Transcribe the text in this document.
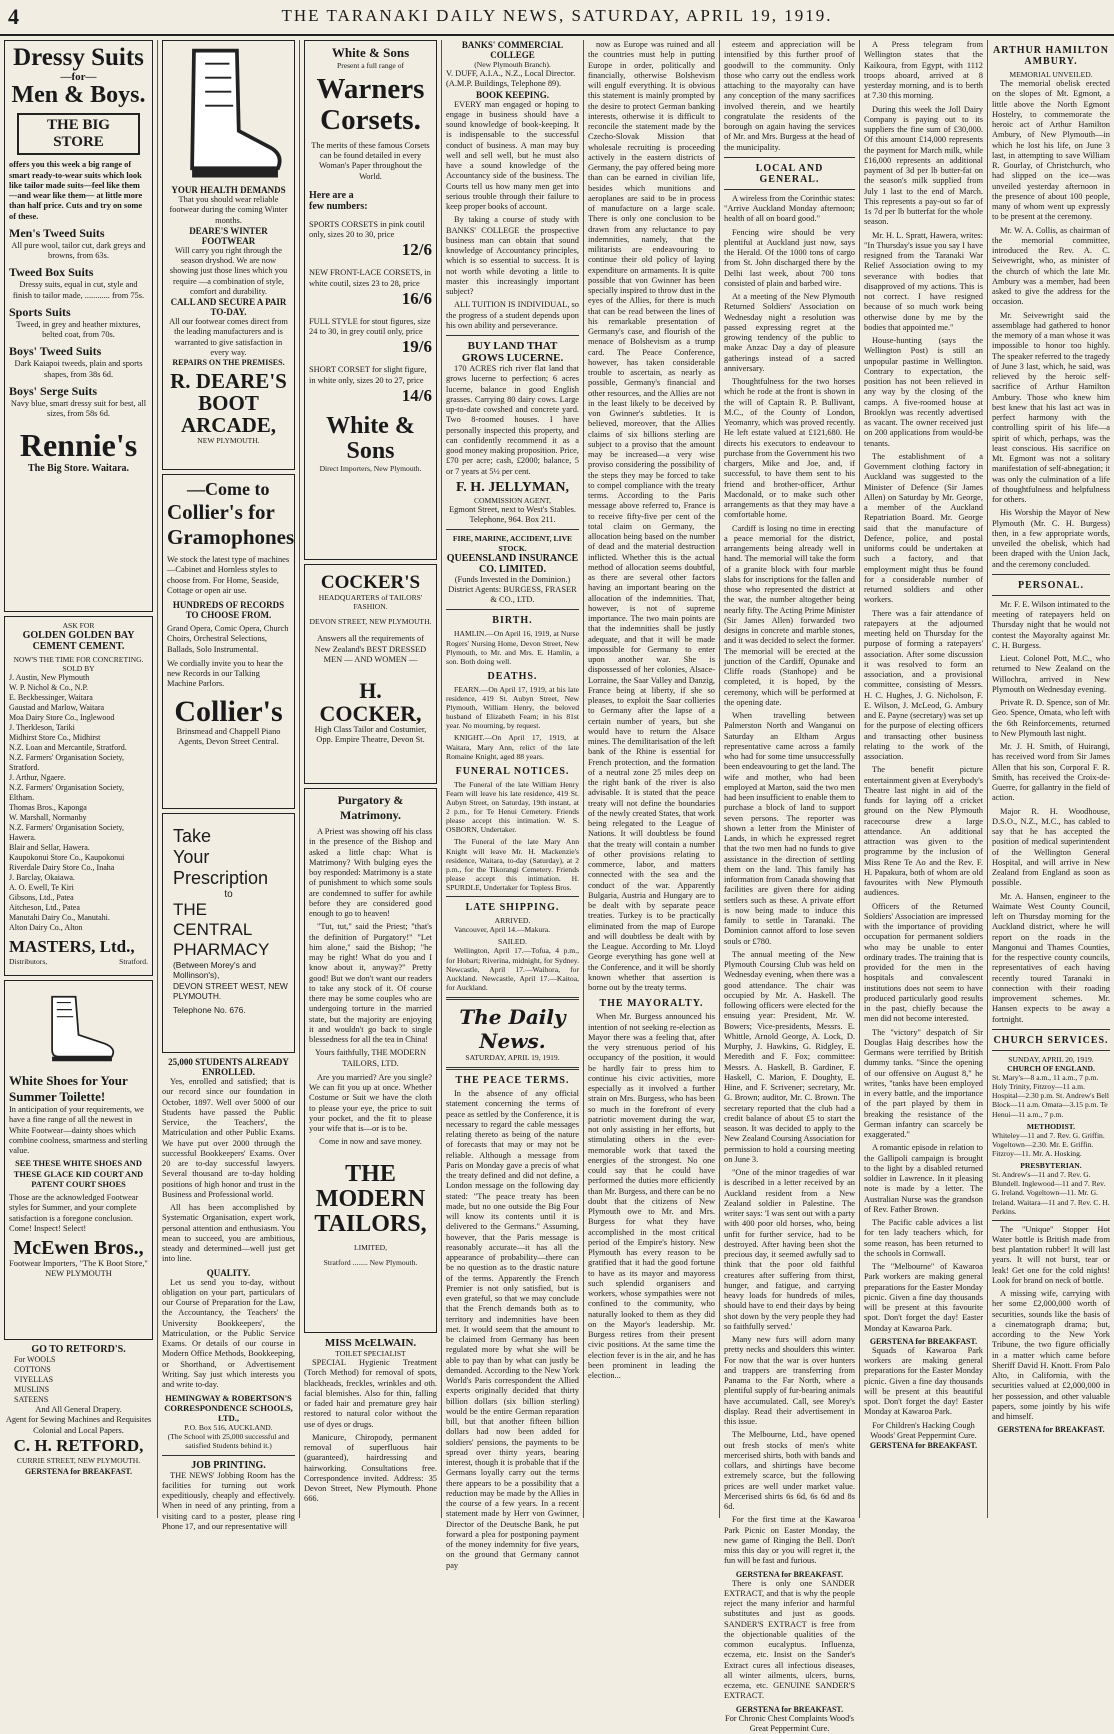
4	THE TARANAKI DAILY NEWS, SATURDAY, APRIL 19, 1919.
Dressy Suits
—for—
Men & Boys.
THE BIG STORE
offers you this week a big range of smart ready-to-wear suits which look like tailor made suits—feel like them—and wear like them— at little more than half price. Cuts and try on some of these.
Men's Tweed Suits
All pure wool, tailor cut, dark greys and browns, from 63s.
Tweed Box Suits
Dressy suits, equal in cut, style and finish to tailor made, ............ from 75s.
Sports Suits
Tweed, in grey and heather mixtures, belted coat, from 70s.
Boys' Tweed Suits
Dark Kaiapoi tweeds, plain and sports shapes, from 38s 6d.
Boys' Serge Suits
Navy blue, smart dressy suit for best, all sizes, from 58s 6d.
Rennie's
The Big Store. Waitara.
ASK FOR
GOLDEN GOLDEN BAY CEMENT CEMENT.
NOW'S THE TIME FOR CONCRETING.
SOLD BY
J. Austin, New Plymouth
W. P. Nichol & Co., N.P.
E. Beckbessinger, Waitara
Gaustad and Marlow, Waitara
Moa Dairy Store Co., Inglewood
J. Therkleson, Tariki
Midhirst Store Co., Midhirst
N.Z. Loan and Mercantile, Stratford.
N.Z. Farmers' Organisation Society, Stratford.
J. Arthur, Ngaere.
N.Z. Farmers' Organisation Society, Eltham.
Thomas Bros., Kaponga
W. Marshall, Normanby
N.Z. Farmers' Organisation Society, Hawera.
Blair and Sellar, Hawera.
Kaupokonui Store Co., Kaupokonui
Riverdale Dairy Store Co., Inaha
J. Barclay, Okaiawa.
A. O. Ewell, Te Kiri
Gibsons, Ltd., Patea
Aitcheson, Ltd., Patea
Manutahi Dairy Co., Manutahi.
Alton Dairy Co., Alton
MASTERS, Ltd.,
Distributors,	Stratford.
White Shoes for Your Summer Toilette!
In anticipation of your requirements, we have a fine range of all the newest in White Footwear—dainty shoes which combine coolness, smartness and sterling value.
SEE THESE WHITE SHOES AND THESE GLACE KID COURT AND PATENT COURT SHOES
Those are the acknowledged Footwear styles for Summer, and your complete satisfaction is a foregone conclusion. Come! Inspect! Select!
McEwen Bros.,
Footwear Importers, "The K Boot Store," NEW PLYMOUTH
GO TO RETFORD'S.
For WOOLS
COTTONS
VIYELLAS
MUSLINS
SATEENS
And All General Drapery.
Agent for Sewing Machines and Requisites
Colonial and Local Papers.
C. H. RETFORD,
CURRIE STREET, NEW PLYMOUTH.
GERSTENA for BREAKFAST.
YOUR HEALTH DEMANDS
That you should wear reliable footwear during the coming Winter months.
DEARE'S WINTER FOOTWEAR
Will carry you right through the season dryshod. We are now showing just those lines which you require —a combination of style, comfort and durability.
CALL AND SECURE A PAIR TO-DAY.
All our footwear comes direct from the leading manufacturers and is warranted to give satisfaction in every way.
REPAIRS ON THE PREMISES.
R. DEARE'S BOOT ARCADE,
NEW PLYMOUTH.
—Come to
Collier's for
Gramophones
We stock the latest type of machines—Cabinet and Hornless styles to choose from. For Home, Seaside, Cottage or open air use.
HUNDREDS OF RECORDS TO CHOOSE FROM.
Grand Opera, Comic Opera, Church Choirs, Orchestral Selections, Ballads, Solo Instrumental.
We cordially invite you to hear the new Records in our Talking Machine Parlors.
Collier's
Brinsmead and Chappell Piano Agents, Devon Street Central.
Take
Your
Prescription
to
THE CENTRAL PHARMACY
(Between Morey's and Mollinson's),
DEVON STREET WEST, NEW PLYMOUTH.
Telephone No. 676.
25,000 STUDENTS ALREADY ENROLLED.
Yes, enrolled and satisfied; that is our record since our foundation in October, 1897. Well over 5000 of our Students have passed the Public Service, the Teachers', the Matriculation and other Public Exams. We have put over 2000 through the successful Bookkeepers' Exams. Over 20 are to-day successful lawyers. Several thousand are to-day holding positions of high honor and trust in the Business and Professional world.
All has been accomplished by Systematic Organisation, expert work, personal attention and enthusiasm. You mean to succeed, you are ambitious, steady and determined—well just get into line.
QUALITY.
Let us send you to-day, without obligation on your part, particulars of our Course of Preparation for the Law, the Accountancy, the Teachers' the University Bookkeepers', the Matriculation, or the Public Service Exams. Or details of our course in Modern Office Methods, Bookkeeping, or Shorthand, or Advertisement Writing. Say just which interests you and write to-day.
HEMINGWAY & ROBERTSON'S CORRESPONDENCE SCHOOLS, LTD.,
P.O. Box 516, AUCKLAND.
(The School with 25,000 successful and satisfied Students behind it.)
JOB PRINTING.
THE NEWS' Jobbing Room has the facilities for turning out work expeditiously, cheaply and effectively. When in need of any printing, from a visiting card to a poster, please ring Phone 17, and our representative will
White & Sons
Present a full range of
Warners
Corsets.
The merits of these famous Corsets can be found detailed in every Woman's Paper throughout the World.
Here are a few numbers:
SPORTS CORSETS in pink coutil only, sizes 20 to 30, price
12/6
NEW FRONT-LACE CORSETS, in white coutil, sizes 23 to 28, price
16/6
FULL STYLE for stout figures, size 24 to 30, in grey coutil only, price
19/6
SHORT CORSET for slight figure, in white only, sizes 20 to 27, price
14/6
White & Sons
Direct Importers, New Plymouth.
COCKER'S
HEADQUARTERS of TAILORS' FASHION.
DEVON STREET, NEW PLYMOUTH.
Answers all the requirements of New Zealand's BEST DRESSED MEN — AND WOMEN —
H. COCKER,
High Class Tailor and Costumier, Opp. Empire Theatre, Devon St.
Purgatory & Matrimony.
A Priest was showing off his class in the presence of the Bishop and asked a little chap: What is Matrimony? With bulging eyes the boy responded: Matrimony is a state of punishment to which some souls are condemned to suffer for awhile before they are considered good enough to go to heaven!
"Tut, tut," said the Priest; "that's the definition of Purgatory!" "Let him alone," said the Bishop; "he may be right! What do you and I know about it, anyway?" Pretty good! But we don't want our readers to take any stock of it. Of course there may be some couples who are undergoing torture in the married state, but the majority are enjoying it and wouldn't go back to single blessedness for all the tea in China!
Yours faithfully, THE MODERN TAILORS, LTD.
Are you married? Are you single? We can fit you up at once. Whether Costume or Suit we have the cloth to please your eye, the price to suit your pocket, and the fit to please your wife that is—or is to be.
Come in now and save money.
THE MODERN TAILORS,
LIMITED,
Stratford ........ New Plymouth.
MISS McELWAIN.
TOILET SPECIALIST
SPECIAL Hygienic Treatment (Torch Method) for removal of spots, blackheads, freckles, wrinkles and oth. facial blemishes. Also for thin, falling or faded hair and premature grey hair restored to natural color without the use of dyes or drugs.
Manicure, Chiropody, permanent removal of superfluous hair (guaranteed), hairdressing and hairworking. Consultations free. Correspondence invited. Address: 35 Devon Street, New Plymouth. Phone 666.
BANKS' COMMERCIAL COLLEGE
(New Plymouth Branch).
V. DUFF, A.I.A., N.Z., Local Director. (A.M.P. Buildings, Telephone 89).
BOOK KEEPING.
EVERY man engaged or hoping to engage in business should have a sound knowledge of book-keeping. It is indispensable to the successful conduct of business. A man may buy well and sell well, but he must also have a sound knowledge of the Accountancy side of the business. The Courts tell us how many men get into serious trouble through their failure to keep proper books of account.
By taking a course of study with BANKS' COLLEGE the prospective business man can obtain that sound knowledge of Accountancy principles, which is so essential to success. It is not worth while devoting a little to master this increasingly important subject?
ALL TUITION IS INDIVIDUAL, so the progress of a student depends upon his own ability and perseverance.
BUY LAND THAT GROWS LUCERNE.
170 ACRES rich river flat land that grows lucerne to perfection; 6 acres lucerne, balance in good English grasses. Carrying 80 dairy cows. Large up-to-date cowshed and concrete yard. Two 8-roomed houses. I have personally inspected this property, and can confidently recommend it as a good money making proposition. Price, £70 per acre; cash, £2000; balance, 5 or 7 years at 5½ per cent.
F. H. JELLYMAN,
COMMISSION AGENT,
Egmont Street, next to West's Stables. Telephone, 964. Box 211.
FIRE, MARINE, ACCIDENT, LIVE STOCK.
QUEENSLAND INSURANCE CO. LIMITED.
(Funds Invested in the Dominion.) District Agents: BURGESS, FRASER & CO., LTD.
BIRTH.
HAMLIN.—On April 16, 1919, at Nurse Rogers' Nursing Home, Devon Street, New Plymouth, to Mr. and Mrs. E. Hamlin, a son. Both doing well.
DEATHS.
FEARN.—On April 17, 1919, at his late residence, 419 St. Aubyn Street, New Plymouth, William Henry, the beloved husband of Elizabeth Fearn; in his 81st year. No mourning, by request.
KNIGHT.—On April 17, 1919, at Waitara, Mary Ann, relict of the late Romaine Knight, aged 88 years.
FUNERAL NOTICES.
The Funeral of the late William Henry Fearn will leave his late residence, 419 St. Aubyn Street, on Saturday, 19th instant, at 2 p.m., for Te Henui Cemetery. Friends please accept this intimation. W. S. OSBORN, Undertaker.
The Funeral of the late Mary Ann Knight will leave Mr. H. Mackenzie's residence, Waitara, to-day (Saturday), at 2 p.m., for the Tikorangi Cemetery. Friends please accept this intimation. H. SPURDLE, Undertaker for Topless Bros.
LATE SHIPPING.
ARRIVED.
Vancouver, April 14.—Makura.
SAILED.
Wellington, April 17.—Tofua, 4 p.m., for Hobart; Riverina, midnight, for Sydney. Newcastle, April 17.—Waihora, for Auckland. Newcastle, April 17.—Kaitoa, for Auckland.
The Daily News.
SATURDAY, APRIL 19, 1919.
THE PEACE TERMS.
In the absence of any official statement concerning the terms of peace as settled by the Conference, it is necessary to regard the cable messages relating thereto as being of the nature of forecasts that may or may not be reliable. Although a message from Paris on Monday gave a precis of what the treaty defined and did not define, a London message on the following day stated: "The peace treaty has been made, but no one outside the Big Four will know its contents until it is delivered to the Germans." Assuming, however, that the Paris message is reasonably accurate—it has all the appearance of probability—there can be no question as to the drastic nature of the terms. Apparently the French Premier is not only satisfied, but is even grateful, so that we may conclude that the French demands both as to territory and indemnities have been met. It would seem that the amount to be claimed from Germany has been regulated more by what she will be able to pay than by what can justly be demanded. According to the New York World's Paris correspondent the Allied experts originally decided that thirty billion dollars (six billion sterling) would be the entire German reparation bill, but that another fifteen billion dollars had now been added for soldiers' pensions, the payments to be spread over thirty years, bearing interest, though it is probable that if the Germans loyally carry out the terms there appears to be a possibility that a reduction may be made by the Allies in the course of a few years. In a recent statement made by Herr von Gwinner, Director of the Deutsche Bank, he put forward a plea for postponing payment of the money indemnity for five years, on the ground that Germany cannot pay
now as Europe was ruined and all the countries must help in putting Europe in order, politically and financially, otherwise Bolshevism will engulf everything. It is obvious this statement is mainly prompted by the desire to protect German banking interests, otherwise it is difficult to reconcile the statement made by the Czecho-Slovak Mission that wholesale recruiting is proceeding actively in the eastern districts of Germany, the pay offered being more than can be earned in civilian life, besides which munitions and aeroplanes are said to be in process of manufacture on a large scale. There is only one conclusion to be drawn from any reluctance to pay indemnities, namely, that the militarists are endeavouring to continue their old policy of laying expenditure on armaments. It is quite possible that von Gwinner has been specially inspired to throw dust in the eyes of the Allies, for there is much that can be read between the lines of his remarkable presentation of Germany's case, and flourish of the menace of Bolshevism as a trump card. The Peace Conference, however, has taken considerable trouble to ascertain, as nearly as possible, Germany's financial and other resources, and the Allies are not in the least likely to be deceived by von Gwinner's subtleties. It is believed, moreover, that the Allies claims of six billions sterling are subject to a proviso that the amount may be increased—a very wise proviso considering the possibility of the steps they may be forced to take to compel compliance with the treaty terms. According to the Paris message above referred to, France is to receive fifty-five per cent of the total claim on Germany, the allocation being based on the number of dead and the material destruction inflicted. Whether this is the actual method of allocation seems doubtful, as there are several other factors having an important bearing on the allocation of the indemnities. That, however, is not of supreme importance. The two main points are that the indemnities shall be justly adequate, and that it will be made impossible for Germany to enter upon another war. She is dispossessed of her colonies, Alsace-Lorraine, the Saar Valley and Danzig, France being at liberty, if she so pleases, to exploit the Saar collieries to Germany after the lapse of a certain number of years, but she would have to return the Alsace mines. The demilitarisation of the left bank of the Rhine is essential for French protection, and the formation of a neutral zone 25 miles deep on the right bank of the river is also advisable. It is stated that the peace treaty will not define the boundaries of the newly created States, that work being relegated to the League of Nations. It will doubtless be found that the treaty will contain a number of other provisions relating to commerce, labor, and matters connected with the sea and the conduct of the war. Apparently Bulgaria, Austria and Hungary are to be dealt with by separate peace treaties. Turkey is to be practically eliminated from the map of Europe and will doubtless be dealt with by the League. According to Mr. Lloyd George everything has gone well at the Conference, and it will be shortly known whether that assertion is borne out by the treaty terms.
THE MAYORALTY.
When Mr. Burgess announced his intention of not seeking re-election as Mayor there was a feeling that, after the very strenuous period of his occupancy of the position, it would be hardly fair to press him to continue his civic activities, more especially as it involved a further strain on Mrs. Burgess, who has been so much in the forefront of every patriotic movement during the war, not only assisting in her efforts, but stimulating others in the ever-memorable work that taxed the energies of the strongest. No one could say that he could have performed the duties more efficiently than Mr. Burgess, and there can be no doubt that the citizens of New Plymouth owe to Mr. and Mrs. Burgess for what they have accomplished in the most critical period of the Empire's history. New Plymouth has every reason to be gratified that it had the good fortune to have as its mayor and mayoress such splendid organisers and workers, whose sympathies were not confined to the community, who naturally looked to them as they did on the Mayor's leadership. Mr. Burgess retires from their present civic positions. At the same time the election fever is in the air, and he has been prominent in leading the election...
esteem and appreciation will be intensified by this further proof of goodwill to the community. Only those who carry out the endless work attaching to the mayoralty can have any conception of the many sacrifices involved therein, and we heartily congratulate the residents of the borough on again having the services of Mr. and Mrs. Burgess at the head of the municipality.
LOCAL AND GENERAL.
A wireless from the Corinthic states: "Arrive Auckland Monday afternoon; health of all on board good."
Fencing wire should be very plentiful at Auckland just now, says the Herald. Of the 1000 tons of cargo from St. John discharged there by the Delhi last week, about 700 tons consisted of plain and barbed wire.
At a meeting of the New Plymouth Returned Soldiers' Association on Wednesday night a resolution was passed expressing regret at the growing tendency of the public to make Anzac Day a day of pleasure gatherings instead of a sacred anniversary.
Thoughtfulness for the two horses which he rode at the front is shown in the will of Captain R. P. Bullivant, M.C., of the County of London, Yeomanry, which was proved recently. He left estate valued at £121,680. He directs his executors to endeavour to purchase from the Government his two chargers, Mike and Joe, and, if successful, to have them sent to his friend and brother-officer, Arthur Macdonald, or to make such other arrangements as that they may have a comfortable home.
Cardiff is losing no time in erecting a peace memorial for the district, arrangements being already well in hand. The memorial will take the form of a granite block with four marble slabs for inscriptions for the fallen and those who represented the district at the war, the number altogether being nearly fifty. The Acting Prime Minister (Sir James Allen) forwarded two designs in concrete and marble stones, and it was decided to select the former. The memorial will be erected at the junction of the Cardiff, Opunake and Cliffe roads (Stanhope) and be completed, it is hoped, by the ceremony, which will be performed at the opening date.
When travelling between Palmerston North and Wanganui on Saturday an Eltham Argus representative came across a family who had for some time unsuccessfully been endeavouring to get the land. The wife and mother, who had been employed at Marton, said the two men had been insufficient to enable them to purchase a block of land to support seven persons. The reporter was shown a letter from the Minister of Lands, in which he expressed regret that the two men had no funds to give assistance in the direction of settling them on the land. This family has information from Canada showing that facilities are given there for aiding settlers such as these. A private effort is now being made to induce this family to settle in Taranaki. The Dominion cannot afford to lose seven souls or £780.
The annual meeting of the New Plymouth Coursing Club was held on Wednesday evening, when there was a good attendance. The chair was occupied by Mr. A. Haskell. The following officers were elected for the ensuing year: President, Mr. W. Bowers; Vice-presidents, Messrs. E. Whittle, Arnold George, A. Lock, D. Murphy, J. Hawkins, G. Ridgley, E. Meredith and F. Fox; committee: Messrs. A. Haskell, B. Gardiner, F. Haskell, C. Marion, F. Doughty, E. Hine, and F. Scrivener; secretary, Mr. G. Brown; auditor, Mr. C. Brown. The secretary reported that the club had a credit balance of about £5 to start the season. It was decided to apply to the New Zealand Coursing Association for permission to hold a coursing meeting on June 3.
"One of the minor tragedies of war is described in a letter received by an Auckland resident from a New Zealand soldier in Palestine. The writer says: 'I was sent out with a party with 400 poor old horses, who, being unfit for further service, had to be destroyed. After having been shot the precious day, it seemed awfully sad to think that the poor old faithful creatures after suffering from thirst, hunger, and fatigue, and carrying heavy loads for hundreds of miles, should have to end their days by being shot down by the very people they had so faithfully served.'
Many new furs will adorn many pretty necks and shoulders this winter. For now that the war is over hunters and trappers are transferring from Panama to the Far North, where a plentiful supply of fur-bearing animals have accumulated. Call, see Morey's display. Read their advertisement in this issue.
The Melbourne, Ltd., have opened out fresh stocks of men's white mercerised shirts, both with bands and collars, and shirtings have become extremely scarce, but the following prices are well under market value. Mercerised shirts 6s 6d, 6s 6d and 8s 6d.
For the first time at the Kawaroa Park Picnic on Easter Monday, the new game of Ringing the Bell. Don't miss this day or you will regret it, the fun will be fast and furious.
GERSTENA for BREAKFAST.
There is only one SANDER EXTRACT, and that is why the people reject the many inferior and harmful substitutes and just as goods. SANDER'S EXTRACT is free from the objectionable qualities of the common eucalyptus. Influenza, eczema, etc. Insist on the Sander's Extract cures all infectious diseases, all winter ailments, ulcers, burns, eczema, etc. GENUINE SANDER'S EXTRACT.
GERSTENA for BREAKFAST.
For Chronic Chest Complaints Wood's Great Peppermint Cure.
A Press telegram from Wellington states that the Kaikoura, from Egypt, with 1112 troops aboard, arrived at 8 yesterday morning, and is to berth at 7.30 this morning.
During this week the Joll Dairy Company is paying out to its suppliers the fine sum of £30,000. Of this amount £14,000 represents the payment for March milk, while £16,000 represents an additional payment of 3d per lb butter-fat on the season's milk supplied from July 1 last to the end of March. This represents a pay-out so far of 1s 7d per lb butterfat for the whole season.
Mr. H. L. Spratt, Hawera, writes: "In Thursday's issue you say I have resigned from the Taranaki War Relief Association owing to my severance with bodies that disapproved of my actions. This is not correct. I have resigned because of so much work being otherwise done by me by the bodies that appointed me."
House-hunting (says the Wellington Post) is still an unpopular pastime in Wellington. Contrary to expectation, the position has not been relieved in any way by the closing of the camps. A five-roomed house at Brooklyn was recently advertised as vacant. The owner received just on 200 applications from would-be tenants.
The establishment of a Government clothing factory in Auckland was suggested to the Minister of Defence (Sir James Allen) on Saturday by Mr. George, a member of the Auckland Repatriation Board. Mr. George said that the manufacture of Defence, police, and postal uniforms could be undertaken at such a factory, and that employment might thus be found for a considerable number of returned soldiers and other workers.
There was a fair attendance of ratepayers at the adjourned meeting held on Thursday for the purpose of forming a ratepayers' association. After some discussion it was resolved to form an association, and a provisional committee, consisting of Messrs. H. C. Hughes, J. G. Nicholson, F. E. Wilson, J. McLeod, G. Ambury and E. Payne (secretary) was set up for the purpose of electing officers and transacting other business relating to the work of the association.
The benefit picture entertainment given at Everybody's Theatre last night in aid of the funds for laying off a cricket ground on the New Plymouth racecourse drew a large attendance. An additional attraction was given to the programme by the inclusion of Miss Rene Te Ao and the Rev. F. H. Papakura, both of whom are old favourites with New Plymouth audiences.
Officers of the Returned Soldiers' Association are impressed with the importance of providing occupation for permanent soldiers who may be unable to enter ordinary trades. The training that is provided for the men in the hospitals and convalescent institutions does not seem to have produced particularly good results in the past, chiefly because the men did not become interested.
The "victory" despatch of Sir Douglas Haig describes how the Germans were terrified by British dummy tanks. "Since the opening of our offensive on August 8," he writes, "tanks have been employed in every battle, and the importance of the part played by them in breaking the resistance of the German infantry can scarcely be exaggerated."
A romantic episode in relation to the Gallipoli campaign is brought to the light by a disabled returned soldier in Lawrence. In it pleasing note is made by a letter. The Australian Nurse was the grandson of Rev. Father Brown.
The Pacific cable advices a list for ten lady teachers which, for some reason, has been returned to the schools in Cornwall.
The "Melbourne" of Kawaroa Park workers are making general preparations for the Easter Monday picnic. Given a fine day thousands will be present at this favourite spot. Don't forget the day! Easter Monday at Kawaroa Park.
GERSTENA for BREAKFAST.
Squads of Kawaroa Park workers are making general preparations for the Easter Monday picnic. Given a fine day thousands will be present at this beautiful spot. Don't forget the day! Easter Monday at Kawaroa Park.
For Children's Hacking Cough Woods' Great Peppermint Cure.
GERSTENA for BREAKFAST.
ARTHUR HAMILTON AMBURY.
MEMORIAL UNVEILED.
The memorial obelisk erected on the slopes of Mt. Egmont, a little above the North Egmont Hostelry, to commemorate the heroic act of Arthur Hamilton Ambury, of New Plymouth—in which he lost his life, on June 3 last, in attempting to save William R. Gourlay, of Christchurch, who had slipped on the ice—was unveiled yesterday afternoon in the presence of about 100 people, many of whom went up expressly to be present at the ceremony.
Mr. W. A. Collis, as chairman of the memorial committee, introduced the Rev. A. C. Seivewright, who, as minister of the church of which the late Mr. Ambury was a member, had been asked to give the address for the occasion.
Mr. Seivewright said the assemblage had gathered to honor the memory of a man whose it was impossible to honor too highly. The speaker referred to the tragedy of June 3 last, which, he said, was relieved by the heroic self-sacrifice of Arthur Hamilton Ambury. Those who knew him best knew that his last act was in perfect harmony with the controlling spirit of his life—a spirit of which, perhaps, was the least conscious. His sacrifice on Mt. Egmont was not a solitary manifestation of self-abnegation; it was only the culmination of a life of thoughtfulness and helpfulness for others.
His Worship the Mayor of New Plymouth (Mr. C. H. Burgess) then, in a few appropriate words, unveiled the obelisk, which had been draped with the Union Jack, and the ceremony concluded.
PERSONAL.
Mr. F. E. Wilson intimated to the meeting of ratepayers held on Thursday night that he would not contest the Mayoralty against Mr. C. H. Burgess.
Lieut. Colonel Pott, M.C., who returned to New Zealand on the Willochra, arrived in New Plymouth on Wednesday evening.
Private R. D. Spence, son of Mr. Geo. Spence, Omata, who left with the 6th Reinforcements, returned to New Plymouth last night.
Mr. J. H. Smith, of Huirangi, has received word from Sir James Allen that his son, Corporal F. R. Smith, has received the Croix-de-Guerre, for gallantry in the field of action.
Major R. H. Woodhouse, D.S.O., N.Z., M.C., has cabled to say that he has accepted the position of medical superintendent of the Wellington General Hospital, and will arrive in New Zealand from England as soon as possible.
Mr. A. Hansen, engineer to the Waimate West County Council, left on Thursday morning for the Auckland district, where he will report on the roads in the Mangonui and Thames Counties, for the respective county councils, representatives of each having recently toured Taranaki in connection with their roading improvement schemes. Mr. Hansen expects to be away a fortnight.
CHURCH SERVICES.
SUNDAY, APRIL 20, 1919.
CHURCH OF ENGLAND.
St. Mary's—8 a.m., 11 a.m., 7 p.m. Holy Trinity, Fitzroy—11 a.m. Hospital—2.30 p.m. St. Andrew's Bell Block—11 a.m. Omata—3.15 p.m. Te Henui—11 a.m., 7 p.m.
METHODIST.
Whiteley—11 and 7. Rev. G. Griffin. Vogeltown—2.30. Mr. E. Griffin. Fitzroy—11. Mr. A. Hosking.
PRESBYTERIAN.
St. Andrew's—11 and 7. Rev. G. Blundell. Inglewood—11 and 7. Rev. G. Ireland. Vogeltown—11. Mr. G. Ireland. Waitara—11 and 7. Rev. C. H. Perkins.
The "Unique" Stopper Hot Water bottle is British made from best plantation rubber! It will last years. It will not burst, tear or leak! Get one for the cold nights! Look for brand on neck of bottle.
A missing wife, carrying with her some £2,000,000 worth of securities, sounds like the basis of a cinematograph drama; but, according to the New York Tribune, the two figure officially in a matter which came before Sheriff David H. Knott. From Palo Alto, in California, with the securities valued at £2,000,000 in her possession, and other valuable papers, some jointly by his wife and himself.
GERSTENA for BREAKFAST.
